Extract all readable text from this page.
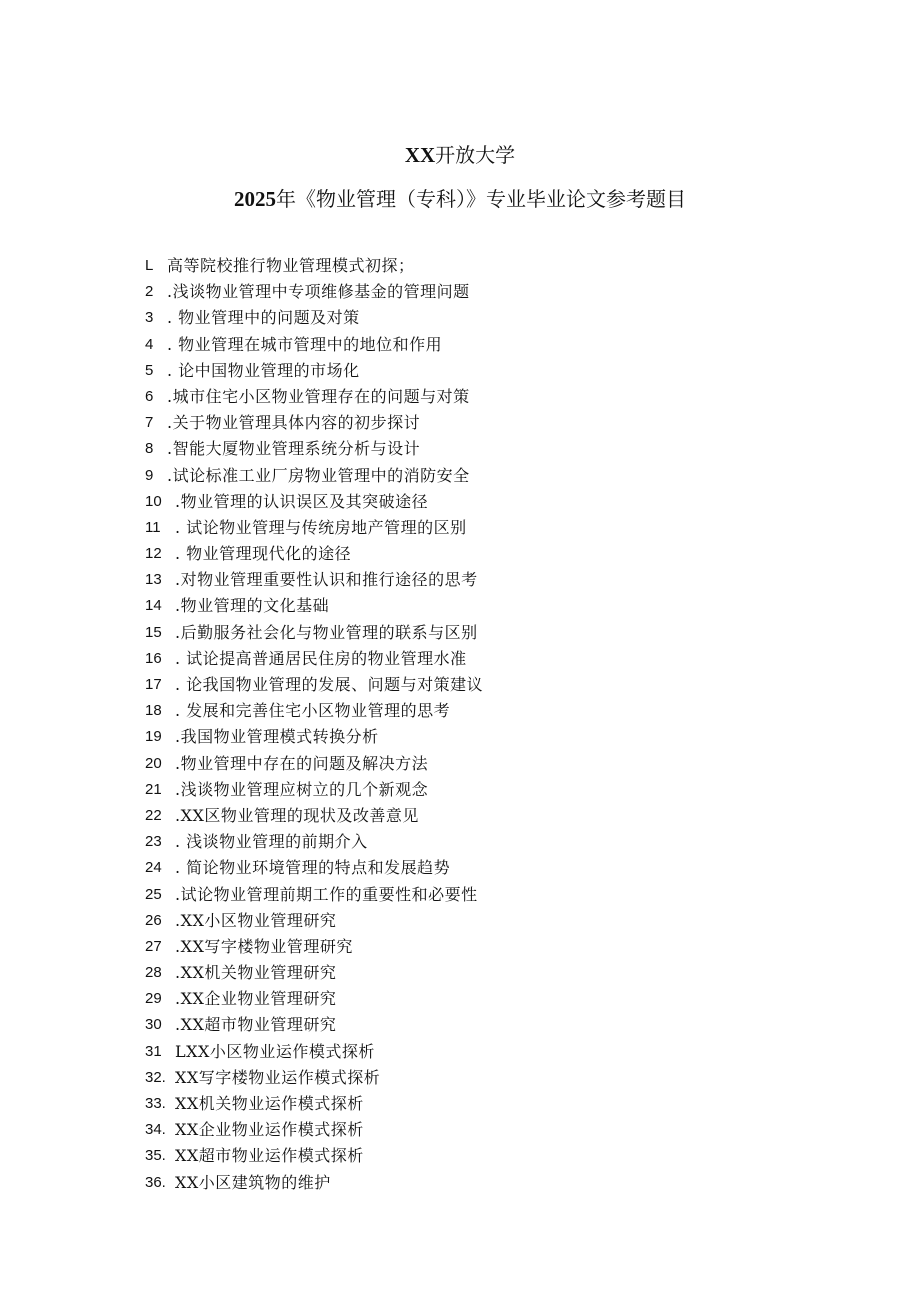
XX开放大学
2025年《物业管理（专科）》专业毕业论文参考题目
L 高等院校推行物业管理模式初探；
2 .浅谈物业管理中专项维修基金的管理问题
3 . 物业管理中的问题及对策
4 . 物业管理在城市管理中的地位和作用
5 . 论中国物业管理的市场化
6 .城市住宅小区物业管理存在的问题与对策
7 .关于物业管理具体内容的初步探讨
8 .智能大厦物业管理系统分析与设计
9 .试论标准工业厂房物业管理中的消防安全
10 .物业管理的认识误区及其突破途径
11 . 试论物业管理与传统房地产管理的区别
12 . 物业管理现代化的途径
13 .对物业管理重要性认识和推行途径的思考
14 .物业管理的文化基础
15 .后勤服务社会化与物业管理的联系与区别
16 . 试论提高普通居民住房的物业管理水准
17 . 论我国物业管理的发展、问题与对策建议
18 . 发展和完善住宅小区物业管理的思考
19 .我国物业管理模式转换分析
20 .物业管理中存在的问题及解决方法
21 .浅谈物业管理应树立的几个新观念
22 .XX区物业管理的现状及改善意见
23 . 浅谈物业管理的前期介入
24 . 简论物业环境管理的特点和发展趋势
25 .试论物业管理前期工作的重要性和必要性
26 .XX小区物业管理研究
27 .XX写字楼物业管理研究
28 .XX机关物业管理研究
29 .XX企业物业管理研究
30 .XX超市物业管理研究
31 LXX小区物业运作模式探析
32. XX写字楼物业运作模式探析
33. XX机关物业运作模式探析
34. XX企业物业运作模式探析
35. XX超市物业运作模式探析
36. XX小区建筑物的维护
